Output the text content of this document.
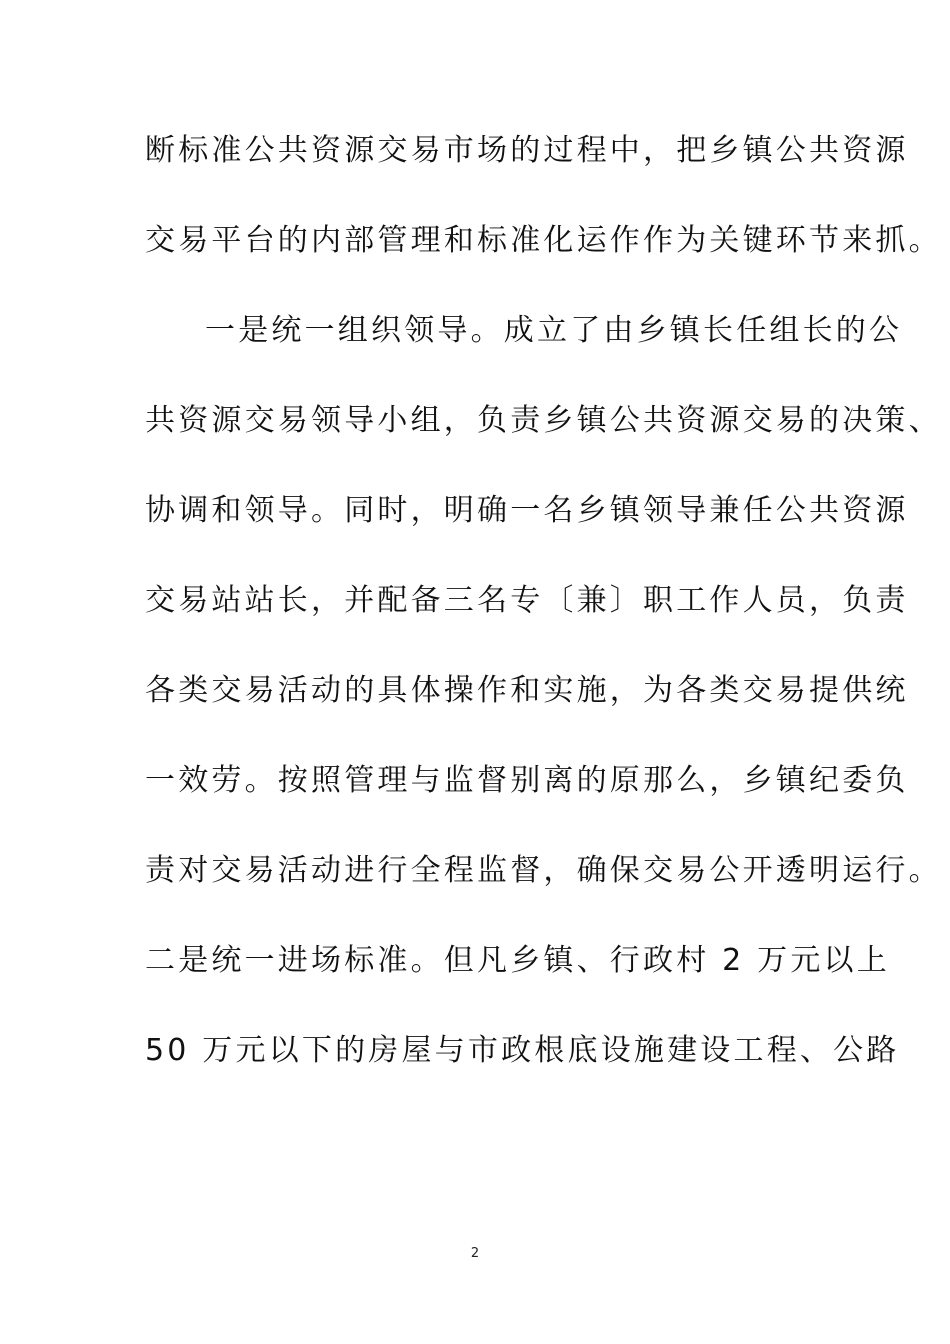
断标准公共资源交易市场的过程中，把乡镇公共资源
交易平台的内部管理和标准化运作作为关键环节来抓。
一是统一组织领导。成立了由乡镇长任组长的公
共资源交易领导小组，负责乡镇公共资源交易的决策、
协调和领导。同时，明确一名乡镇领导兼任公共资源
交易站站长，并配备三名专〔兼〕职工作人员，负责
各类交易活动的具体操作和实施，为各类交易提供统
一效劳。按照管理与监督别离的原那么，乡镇纪委负
责对交易活动进行全程监督，确保交易公开透明运行。
二是统一进场标准。但凡乡镇、行政村 2 万元以上
50 万元以下的房屋与市政根底设施建设工程、公路
2
